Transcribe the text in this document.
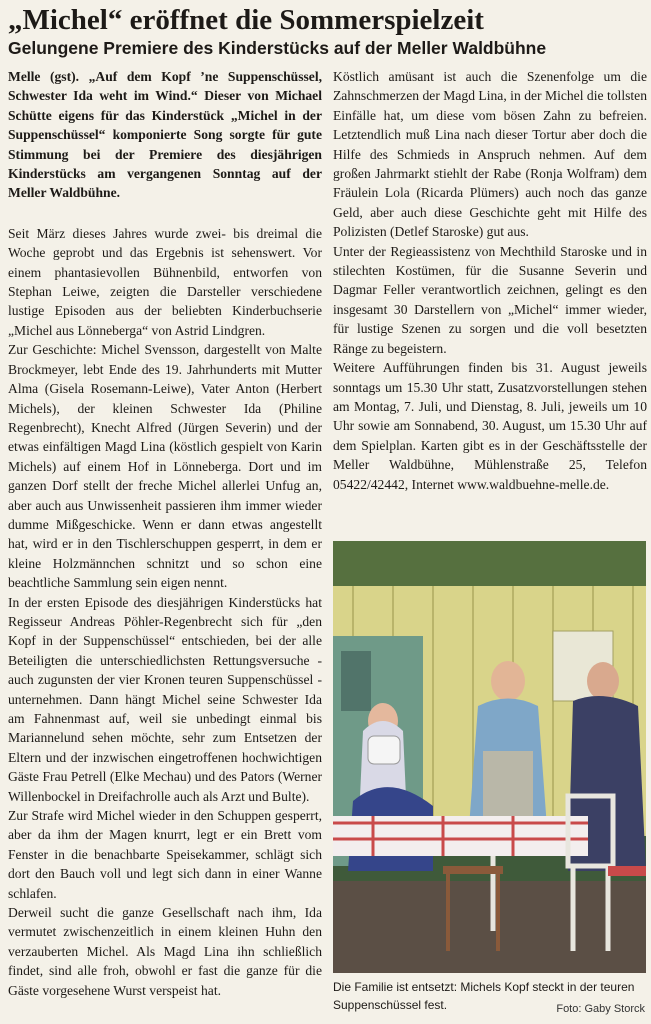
„Michel“ eröffnet die Sommerspielzeit
Gelungene Premiere des Kinderstücks auf der Meller Waldbühne

Melle (gst). „Auf dem Kopf ’ne Suppenschüssel, Schwester Ida weht im Wind.“ Dieser von Michael Schütte eigens für das Kinderstück „Michel in der Suppenschüssel“ komponierte Song sorgte für gute Stimmung bei der Premiere des diesjährigen Kinderstücks am vergangenen Sonntag auf der Meller Waldbühne.

Seit März dieses Jahres wurde zwei- bis dreimal die Woche geprobt und das Ergebnis ist sehenswert. Vor einem phantasievollen Bühnenbild, entworfen von Stephan Leiwe, zeigten die Darsteller verschiedene lustige Episoden aus der beliebten Kinderbuchserie „Michel aus Lönneberga“ von Astrid Lindgren.

Zur Geschichte: Michel Svensson, dargestellt von Malte Brockmeyer, lebt Ende des 19. Jahrhunderts mit Mutter Alma (Gisela Rosemann-Leiwe), Vater Anton (Herbert Michels), der kleinen Schwester Ida (Philine Regenbrecht), Knecht Alfred (Jürgen Severin) und der etwas einfältigen Magd Lina (köstlich gespielt von Karin Michels) auf einem Hof in Lönneberga. Dort und im ganzen Dorf stellt der freche Michel allerlei Unfug an, aber auch aus Unwissenheit passieren ihm immer wieder dumme Mißgeschicke. Wenn er dann etwas angestellt hat, wird er in den Tischlerschuppen gesperrt, in dem er kleine Holzmännchen schnitzt und so schon eine beachtliche Sammlung sein eigen nennt.

In der ersten Episode des diesjährigen Kinderstücks hat Regisseur Andreas Pöhler-Regenbrecht sich für „den Kopf in der Suppenschüssel“ entschieden, bei der alle Beteiligten die unterschiedlichsten Rettungsversuche - auch zugunsten der vier Kronen teuren Suppenschüssel - unternehmen. Dann hängt Michel seine Schwester Ida am Fahnenmast auf, weil sie unbedingt einmal bis Mariannelund sehen möchte, sehr zum Entsetzen der Eltern und der inzwischen eingetroffenen hochwichtigen Gäste Frau Petrell (Elke Mechau) und des Pators (Werner Willenbockel in Dreifachrolle auch als Arzt und Bulte).

Zur Strafe wird Michel wieder in den Schuppen gesperrt, aber da ihm der Magen knurrt, legt er ein Brett vom Fenster in die benachbarte Speisekammer, schlägt sich dort den Bauch voll und legt sich dann in einer Wanne schlafen.

Derweil sucht die ganze Gesellschaft nach ihm, Ida vermutet zwischenzeitlich in einem kleinen Huhn den verzauberten Michel. Als Magd Lina ihn schließlich findet, sind alle froh, obwohl er fast die ganze für die Gäste vorgesehene Wurst verspeist hat.

Köstlich amüsant ist auch die Szenenfolge um die Zahnschmerzen der Magd Lina, in der Michel die tollsten Einfälle hat, um diese vom bösen Zahn zu befreien. Letztendlich muß Lina nach dieser Tortur aber doch die Hilfe des Schmieds in Anspruch nehmen. Auf dem großen Jahrmarkt stiehlt der Rabe (Ronja Wolfram) dem Fräulein Lola (Ricarda Plümers) auch noch das ganze Geld, aber auch diese Geschichte geht mit Hilfe des Polizisten (Detlef Staroske) gut aus.

Unter der Regieassistenz von Mechthild Staroske und in stilechten Kostümen, für die Susanne Severin und Dagmar Feller verantwortlich zeichnen, gelingt es den insgesamt 30 Darstellern von „Michel“ immer wieder, für lustige Szenen zu sorgen und die voll besetzten Ränge zu begeistern.

Weitere Aufführungen finden bis 31. August jeweils sonntags um 15.30 Uhr statt, Zusatzvorstellungen stehen am Montag, 7. Juli, und Dienstag, 8. Juli, jeweils um 10 Uhr sowie am Sonnabend, 30. August, um 15.30 Uhr auf dem Spielplan. Karten gibt es in der Geschäftsstelle der Meller Waldbühne, Mühlenstraße 25, Telefon 05422/42442, Internet www.waldbuehne-melle.de.

Die Familie ist entsetzt: Michels Kopf steckt in der teuren Suppenschüssel fest.	Foto: Gaby Storck
